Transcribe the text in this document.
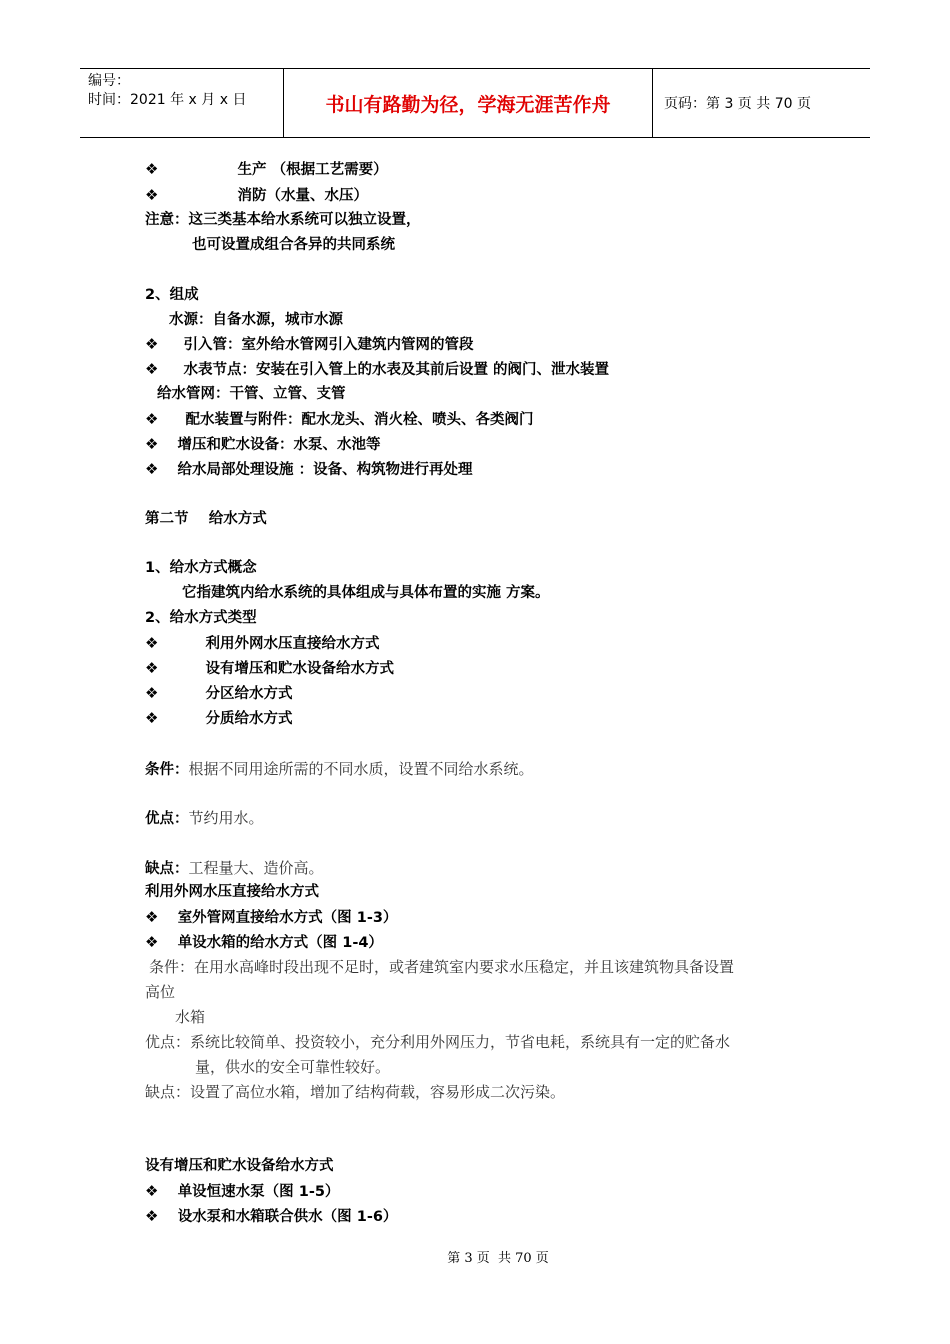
编号：
时间：2021 年 x 月 x 日	书山有路勤为径，学海无涯苦作舟	页码：第 3 页 共 70 页
❖	生产 （根据工艺需要）
❖	消防（水量、水压）
注意：这三类基本给水系统可以独立设置，
也可设置成组合各异的共同系统
2、组成
水源：自备水源，城市水源
❖ 引入管：室外给水管网引入建筑内管网的管段
❖ 水表节点：安装在引入管上的水表及其前后设置 的阀门、泄水装置
给水管网：干管、立管、支管
❖ 配水装置与附件：配水龙头、消火栓、喷头、各类阀门
❖ 增压和贮水设备：水泵、水池等
❖ 给水局部处理设施 ：设备、构筑物进行再处理
第二节    给水方式
1、给水方式概念
它指建筑内给水系统的具体组成与具体布置的实施 方案。
2、给水方式类型
❖	利用外网水压直接给水方式
❖	设有增压和贮水设备给水方式
❖	分区给水方式
❖	分质给水方式
条件：根据不同用途所需的不同水质，设置不同给水系统。
优点：节约用水。
缺点：工程量大、造价高。
利用外网水压直接给水方式
❖ 室外管网直接给水方式（图 1-3）
❖ 单设水箱的给水方式（图 1-4）
条件：在用水高峰时段出现不足时，或者建筑室内要求水压稳定，并且该建筑物具备设置
高位
水箱
优点：系统比较简单、投资较小，充分利用外网压力，节省电耗，系统具有一定的贮备水
量，供水的安全可靠性较好。
缺点：设置了高位水箱，增加了结构荷载，容易形成二次污染。
设有增压和贮水设备给水方式
❖ 单设恒速水泵（图 1-5）
❖ 设水泵和水箱联合供水（图 1-6）
第 3 页  共 70 页
